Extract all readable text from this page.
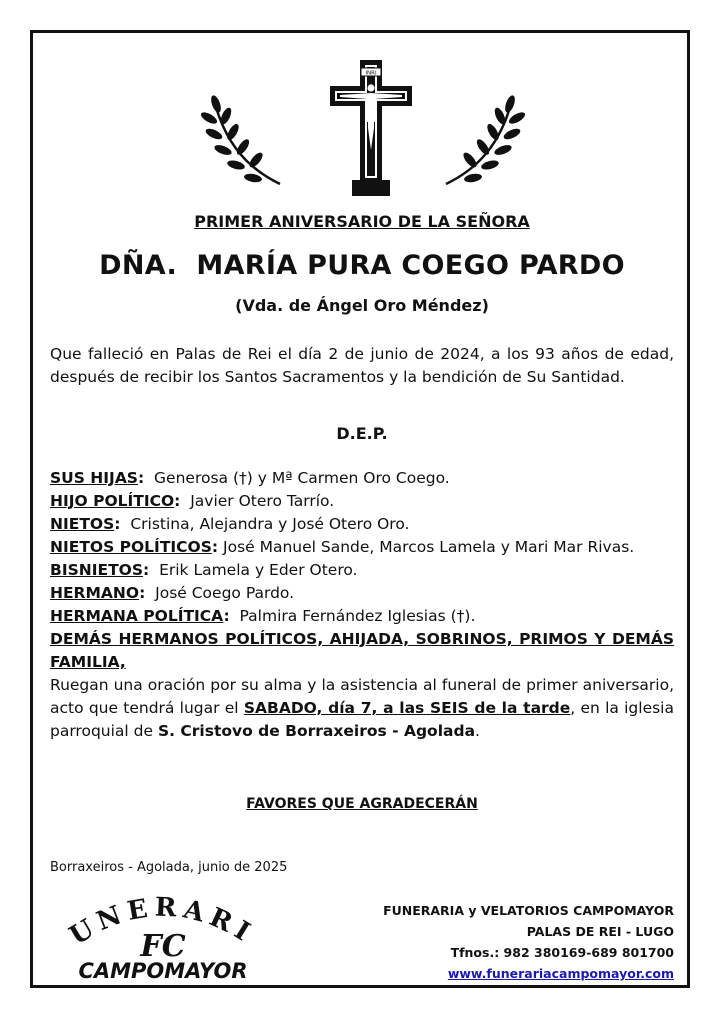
INRI
PRIMER ANIVERSARIO DE LA SEÑORA
DÑA.  MARÍA PURA COEGO PARDO
(Vda. de Ángel Oro Méndez)
Que falleció en Palas de Rei el día 2 de junio de 2024, a los 93 años de edad, después de recibir los Santos Sacramentos y la bendición de Su Santidad.
D.E.P.
SUS HIJAS: Generosa (†) y Mª Carmen Oro Coego.
HIJO POLÍTICO: Javier Otero Tarrío.
NIETOS: Cristina, Alejandra y José Otero Oro.
NIETOS POLÍTICOS: José Manuel Sande, Marcos Lamela y Mari Mar Rivas.
BISNIETOS: Erik Lamela y Eder Otero.
HERMANO: José Coego Pardo.
HERMANA POLÍTICA: Palmira Fernández Iglesias (†).
DEMÁS HERMANOS POLÍTICOS, AHIJADA, SOBRINOS, PRIMOS Y DEMÁS FAMILIA,
Ruegan una oración por su alma y la asistencia al funeral de primer aniversario, acto que tendrá lugar el SABADO, día 7, a las SEIS de la tarde, en la iglesia parroquial de S. Cristovo de Borraxeiros - Agolada.
FAVORES QUE AGRADECERÁN
Borraxeiros - Agolada, junio de 2025
UNERARI
FC
CAMPOMAYOR
FUNERARIA y VELATORIOS CAMPOMAYOR
PALAS DE REI - LUGO
Tfnos.: 982 380169-689 801700
www.funerariacampomayor.com
